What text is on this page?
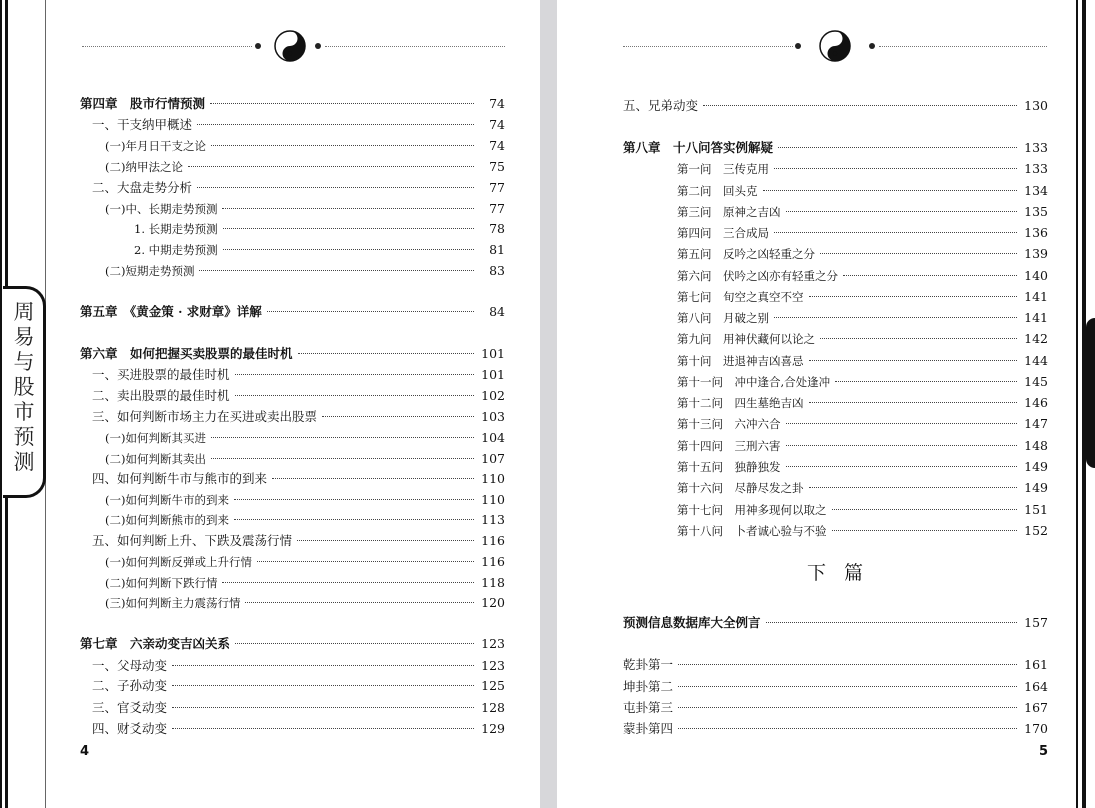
周
易
与
股
市
预
测
第四章　股市行情预测	74
一、干支纳甲概述	74
(一)年月日干支之论	74
(二)纳甲法之论	75
二、大盘走势分析	77
(一)中、长期走势预测	77
1. 长期走势预测	78
2. 中期走势预测	81
(二)短期走势预测	83
第五章　《黄金策 · 求财章》详解	84
第六章　如何把握买卖股票的最佳时机	101
一、买进股票的最佳时机	101
二、卖出股票的最佳时机	102
三、如何判断市场主力在买进或卖出股票	103
(一)如何判断其买进	104
(二)如何判断其卖出	107
四、如何判断牛市与熊市的到来	110
(一)如何判断牛市的到来	110
(二)如何判断熊市的到来	113
五、如何判断上升、下跌及震荡行情	116
(一)如何判断反弹或上升行情	116
(二)如何判断下跌行情	118
(三)如何判断主力震荡行情	120
第七章　六亲动变吉凶关系	123
一、父母动变	123
二、子孙动变	125
三、官爻动变	128
四、财爻动变	129
4
五、兄弟动变	130
第八章　十八问答实例解疑	133
第一问　三传克用	133
第二问　回头克	134
第三问　原神之吉凶	135
第四问　三合成局	136
第五问　反吟之凶轻重之分	139
第六问　伏吟之凶亦有轻重之分	140
第七问　旬空之真空不空	141
第八问　月破之别	141
第九问　用神伏藏何以论之	142
第十问　进退神吉凶喜忌	144
第十一问　冲中逢合,合处逢冲	145
第十二问　四生墓绝吉凶	146
第十三问　六冲六合	147
第十四问　三刑六害	148
第十五问　独静独发	149
第十六问　尽静尽发之卦	149
第十七问　用神多现何以取之	151
第十八问　卜者诚心验与不验	152
预测信息数据库大全例言	157
乾卦第一	161
坤卦第二	164
屯卦第三	167
蒙卦第四	170
下篇
5
